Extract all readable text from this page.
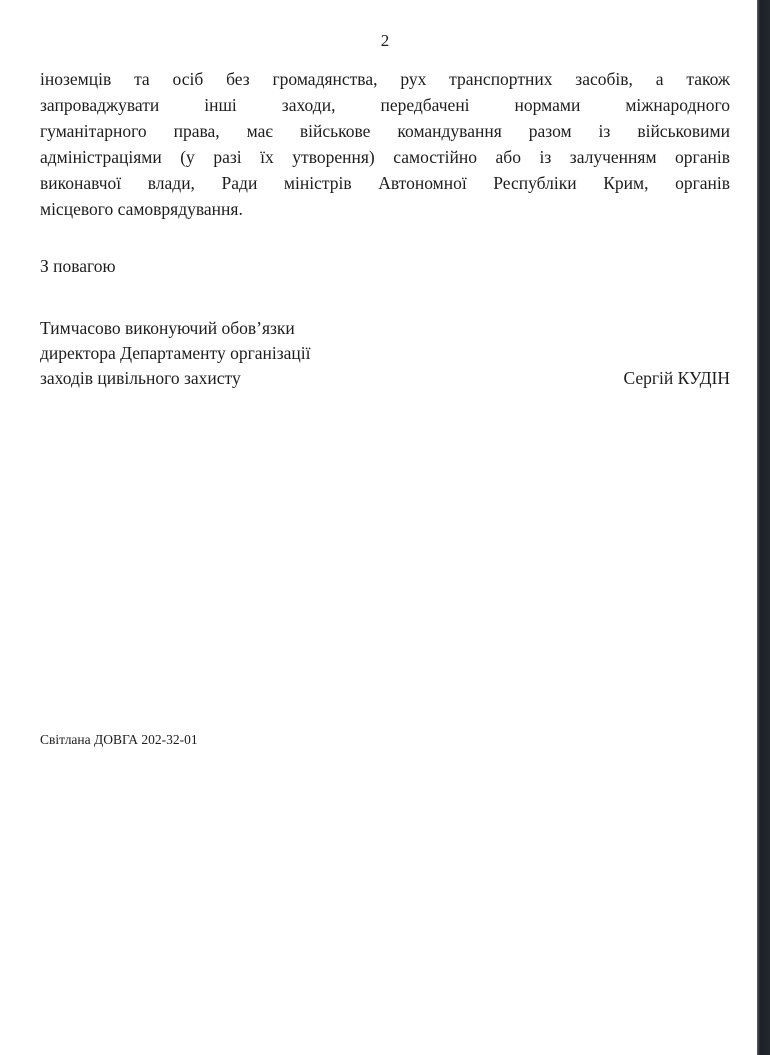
2
іноземців та осіб без громадянства, рух транспортних засобів, а також
запроваджувати інші заходи, передбачені нормами міжнародного
гуманітарного права, має військове командування разом із військовими
адміністраціями (у разі їх утворення) самостійно або із залученням органів
виконавчої влади, Ради міністрів Автономної Республіки Крим, органів
місцевого самоврядування.
З повагою
Тимчасово виконуючий обов’язки
директора Департаменту організації
заходів цивільного захисту	Сергій КУДІН
Світлана ДОВГА 202-32-01
